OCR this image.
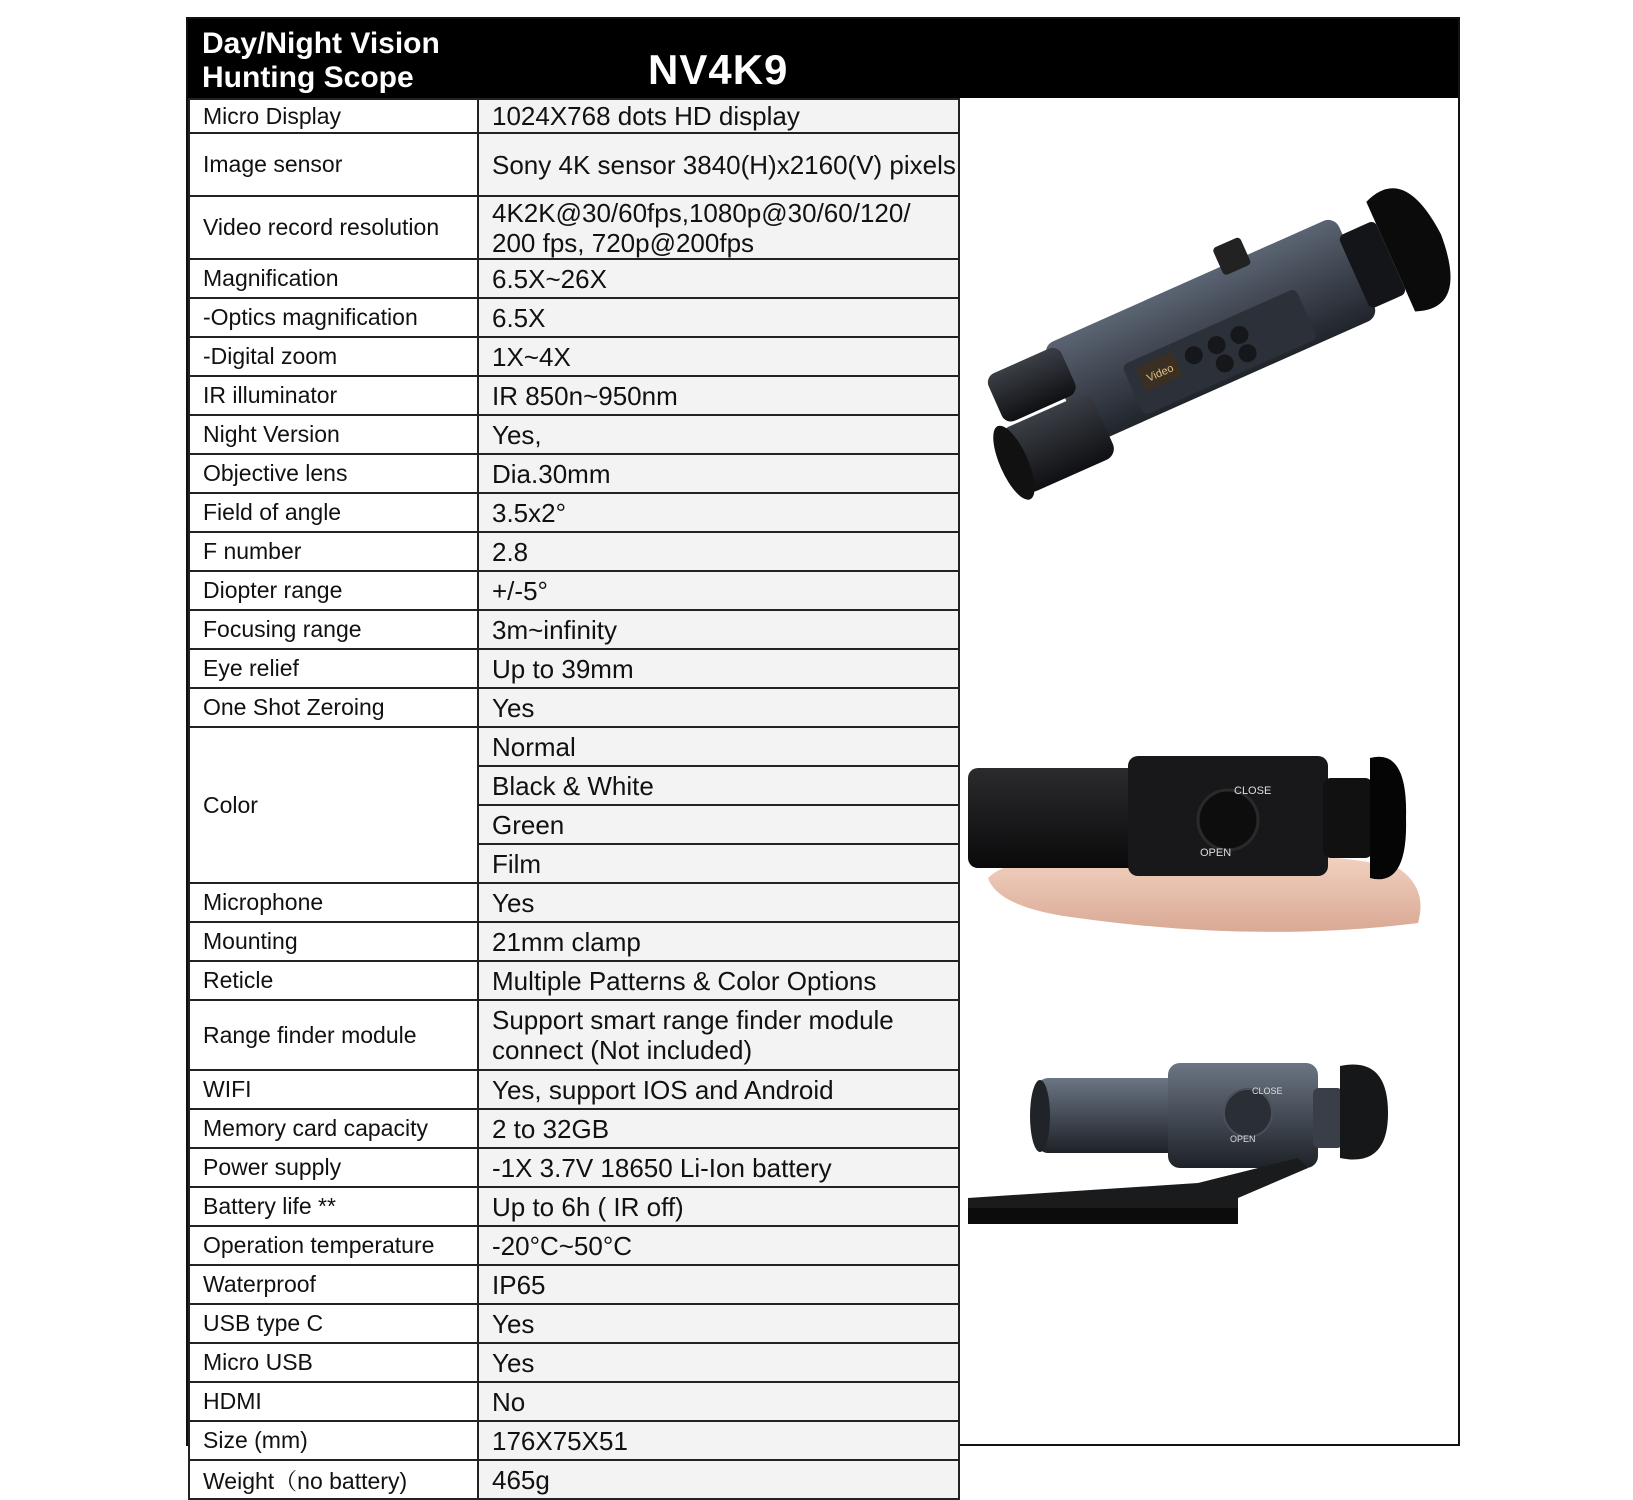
Day/Night Vision
Hunting Scope	NV4K9
Micro Display	1024X768 dots HD display
Image sensor	Sony 4K sensor 3840(H)x2160(V) pixels
Video record resolution	4K2K@30/60fps,1080p@30/60/120/ 200 fps, 720p@200fps
Magnification	6.5X~26X
-Optics magnification	6.5X
-Digital zoom	1X~4X
IR illuminator	IR 850n~950nm
Night Version	Yes,
Objective lens	Dia.30mm
Field of angle	3.5x2°
F number	2.8
Diopter range	+/-5°
Focusing range	3m~infinity
Eye relief	Up to 39mm
One Shot Zeroing	Yes
Color	Normal
	Black & White
	Green
	Film
Microphone	Yes
Mounting	21mm clamp
Reticle	Multiple Patterns & Color Options
Range finder module	Support smart range finder module connect (Not included)
WIFI	Yes, support IOS and Android
Memory card capacity	2 to 32GB
Power supply	-1X 3.7V 18650 Li-Ion battery
Battery life **	Up to 6h ( IR off)
Operation temperature	-20°C~50°C
Waterproof	IP65
USB type C	Yes
Micro USB	Yes
HDMI	No
Size (mm)	176X75X51
Weight（no battery)	465g
Video
CLOSE
OPEN
CLOSE
OPEN
